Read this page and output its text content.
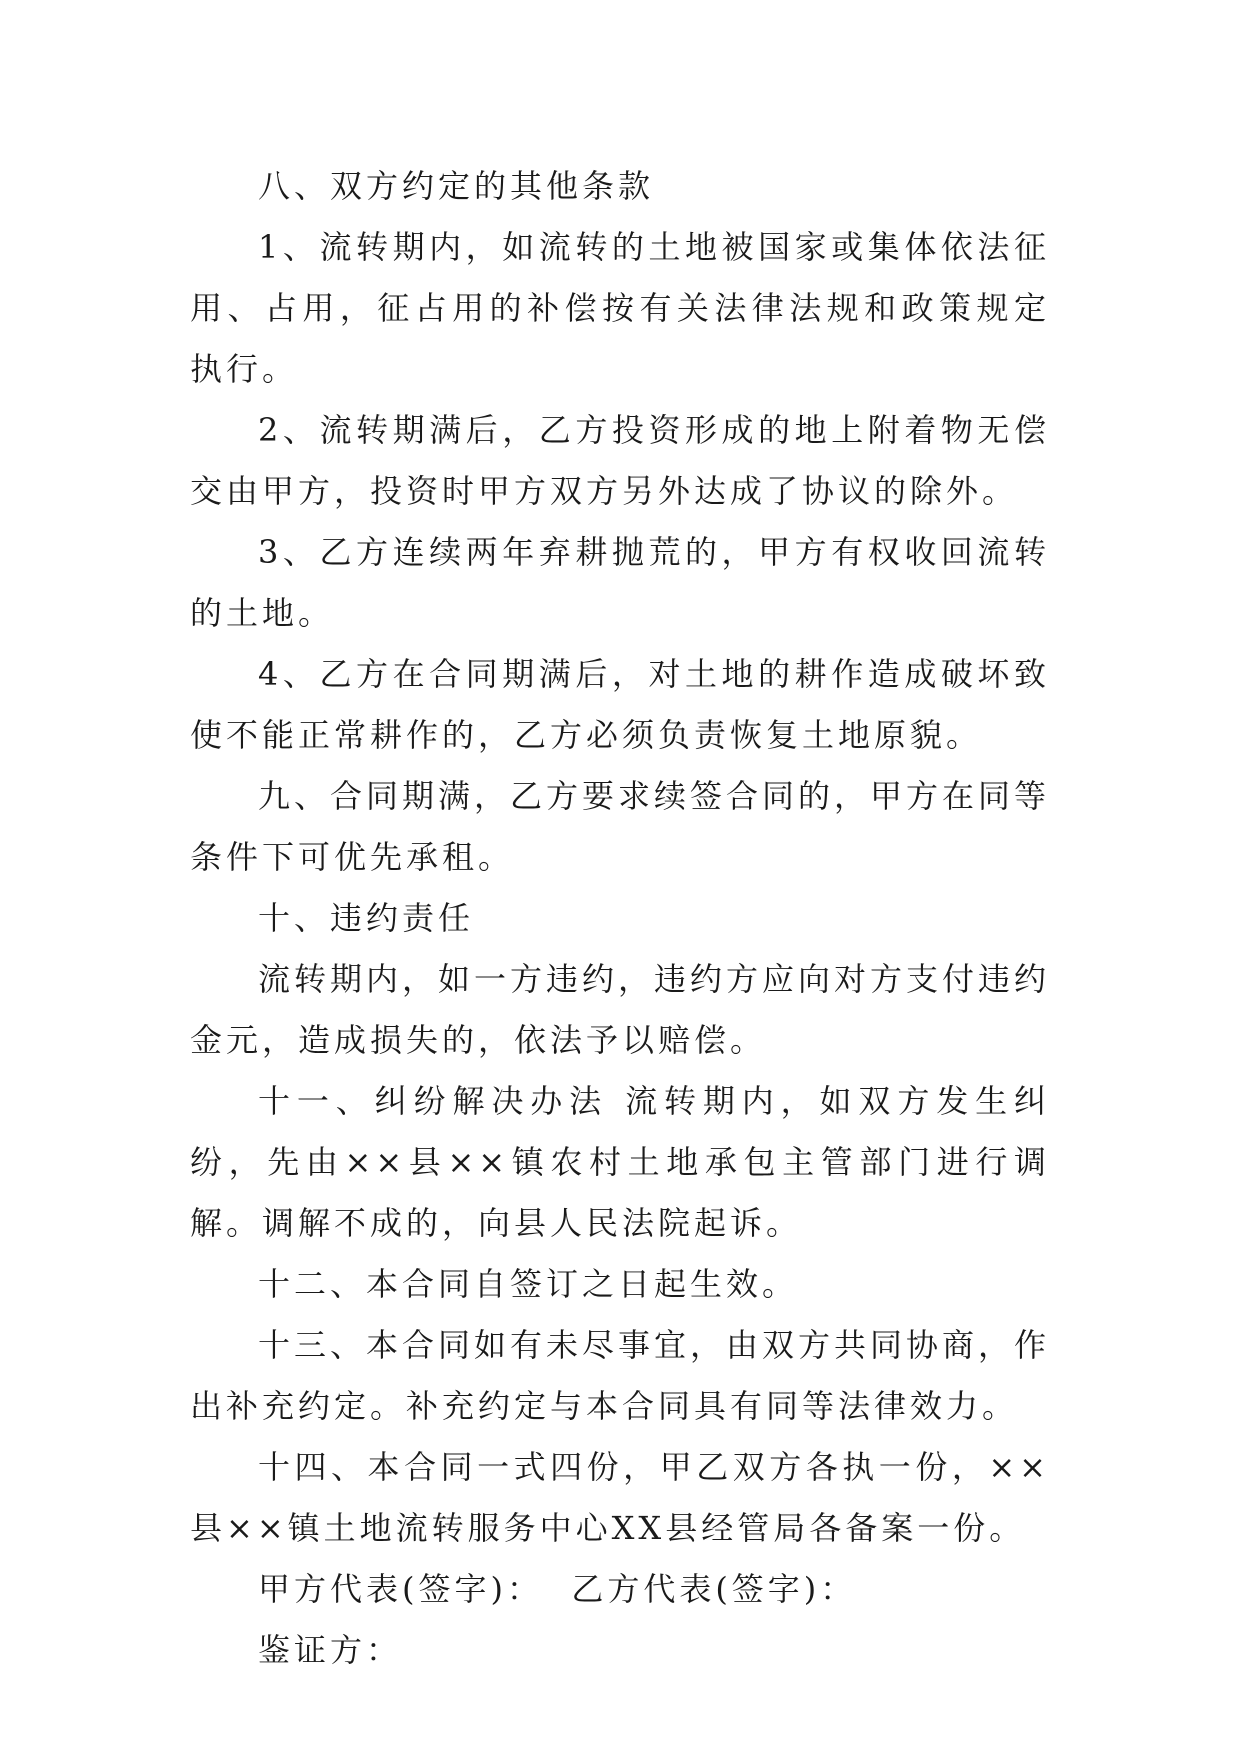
八、双方约定的其他条款

1、流转期内，如流转的土地被国家或集体依法征用、占用，征占用的补偿按有关法律法规和政策规定执行。

2、流转期满后，乙方投资形成的地上附着物无偿交由甲方，投资时甲方双方另外达成了协议的除外。

3、乙方连续两年弃耕抛荒的，甲方有权收回流转的土地。

4、乙方在合同期满后，对土地的耕作造成破坏致使不能正常耕作的，乙方必须负责恢复土地原貌。

九、合同期满，乙方要求续签合同的，甲方在同等条件下可优先承租。

十、违约责任

流转期内，如一方违约，违约方应向对方支付违约金元，造成损失的，依法予以赔偿。

十一、纠纷解决办法 流转期内，如双方发生纠纷，先由××县××镇农村土地承包主管部门进行调解。调解不成的，向县人民法院起诉。

十二、本合同自签订之日起生效。

十三、本合同如有未尽事宜，由双方共同协商，作出补充约定。补充约定与本合同具有同等法律效力。

十四、本合同一式四份，甲乙双方各执一份，××县××镇土地流转服务中心XX县经管局各备案一份。

甲方代表(签字)：  乙方代表(签字)：

鉴证方：
